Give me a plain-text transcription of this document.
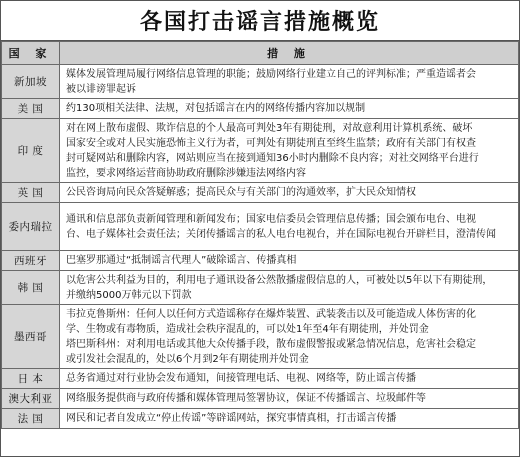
各国打击谣言措施概览
国 家	措 施
新加坡	媒体发展管理局履行网络信息管理的职能；鼓励网络行业建立自己的评判标准；严重造谣者会
被以诽谤罪起诉
美 国	约130项相关法律、法规，对包括谣言在内的网络传播内容加以规制
印 度	对在网上散布虚假、欺诈信息的个人最高可判处3年有期徒刑，对故意利用计算机系统、破坏
国家安全或对人民实施恐怖主义行为者，可判处有期徒刑直至终生监禁；政府有关部门有权查
封可疑网站和删除内容，网站则应当在接到通知36小时内删除不良内容；对社交网络平台进行
监控，要求网络运营商协助政府删除涉嫌违法网络内容
英 国	公民咨询局向民众答疑解惑；提高民众与有关部门的沟通效率，扩大民众知情权
委内瑞拉	通讯和信息部负责新闻管理和新闻发布；国家电信委员会管理信息传播；国会颁布电台、电视
台、电子媒体社会责任法；关闭传播谣言的私人电台电视台，并在国际电视台开辟栏目，澄清传闻
西班牙	巴塞罗那通过“抵制谣言代理人”破除谣言、传播真相
韩 国	以危害公共利益为目的，利用电子通讯设备公然散播虚假信息的人，可被处以5年以下有期徒刑，
并缴纳5000万韩元以下罚款
墨西哥	韦拉克鲁斯州：任何人以任何方式造谣称存在爆炸装置、武装袭击以及可能造成人体伤害的化
学、生物或有毒物质，造成社会秩序混乱的，可以处1年至4年有期徒刑，并处罚金
塔巴斯科州：对利用电话或其他大众传播手段，散布虚假警报或紧急情况信息，危害社会稳定
或引发社会混乱的，处以6个月到2年有期徒刑并处罚金
日 本	总务省通过对行业协会发布通知，间接管理电话、电视、网络等，防止谣言传播
澳大利亚	网络服务提供商与政府传播和媒体管理局签署协议，保证不传播谣言、垃圾邮件等
法 国	网民和记者自发成立“停止传谣”等辟谣网站，探究事情真相，打击谣言传播
